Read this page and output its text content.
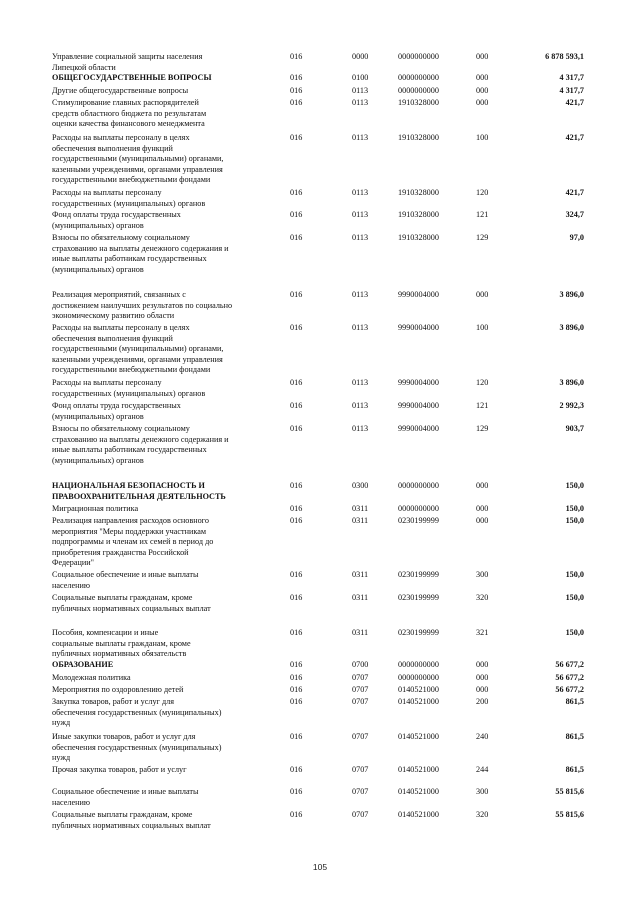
Управление социальной защиты населения
Липецкой области
016	0000	0000000000	000	6 878 593,1
ОБЩЕГОСУДАРСТВЕННЫЕ ВОПРОСЫ	016	0100	0000000000	000	4 317,7
Другие общегосударственные вопросы	016	0113	0000000000	000	4 317,7
Стимулирование главных распорядителей
средств областного бюджета по результатам
оценки качества финансового менеджмента
016	0113	1910328000	000	421,7
Расходы на выплаты персоналу в целях
обеспечения выполнения функций
государственными (муниципальными) органами,
казенными учреждениями, органами управления
государственными внебюджетными фондами
016	0113	1910328000	100	421,7
Расходы на выплаты персоналу
государственных (муниципальных) органов
016	0113	1910328000	120	421,7
Фонд оплаты труда государственных
(муниципальных) органов
016	0113	1910328000	121	324,7
Взносы по обязательному социальному
страхованию на выплаты денежного содержания и
иные выплаты работникам государственных
(муниципальных) органов
016	0113	1910328000	129	97,0
Реализация мероприятий, связанных с
достижением наилучших результатов по социально
экономическому развитию области
016	0113	9990004000	000	3 896,0
Расходы на выплаты персоналу в целях
обеспечения выполнения функций
государственными (муниципальными) органами,
казенными учреждениями, органами управления
государственными внебюджетными фондами
016	0113	9990004000	100	3 896,0
Расходы на выплаты персоналу
государственных (муниципальных) органов
016	0113	9990004000	120	3 896,0
Фонд оплаты труда государственных
(муниципальных) органов
016	0113	9990004000	121	2 992,3
Взносы по обязательному социальному
страхованию на выплаты денежного содержания и
иные выплаты работникам государственных
(муниципальных) органов
016	0113	9990004000	129	903,7
НАЦИОНАЛЬНАЯ БЕЗОПАСНОСТЬ И
ПРАВООХРАНИТЕЛЬНАЯ ДЕЯТЕЛЬНОСТЬ
016	0300	0000000000	000	150,0
Миграционная политика	016	0311	0000000000	000	150,0
Реализация направления расходов основного
мероприятия "Меры поддержки участникам
подпрограммы и членам их семей в период до
приобретения гражданства Российской
Федерации"
016	0311	0230199999	000	150,0
Социальное обеспечение и иные выплаты
населению
016	0311	0230199999	300	150,0
Социальные выплаты гражданам, кроме
публичных нормативных социальных выплат
016	0311	0230199999	320	150,0
Пособия, компенсации и иные
социальные выплаты гражданам, кроме
публичных нормативных обязательств
016	0311	0230199999	321	150,0
ОБРАЗОВАНИЕ	016	0700	0000000000	000	56 677,2
Молодежная политика	016	0707	0000000000	000	56 677,2
Мероприятия по оздоровлению детей	016	0707	0140521000	000	56 677,2
Закупка товаров, работ и услуг для
обеспечения государственных (муниципальных)
нужд
016	0707	0140521000	200	861,5
Иные закупки товаров, работ и услуг для
обеспечения государственных (муниципальных)
нужд
016	0707	0140521000	240	861,5
Прочая закупка товаров, работ и услуг	016	0707	0140521000	244	861,5
Социальное обеспечение и иные выплаты
населению
016	0707	0140521000	300	55 815,6
Социальные выплаты гражданам, кроме
публичных нормативных социальных выплат
016	0707	0140521000	320	55 815,6
105
